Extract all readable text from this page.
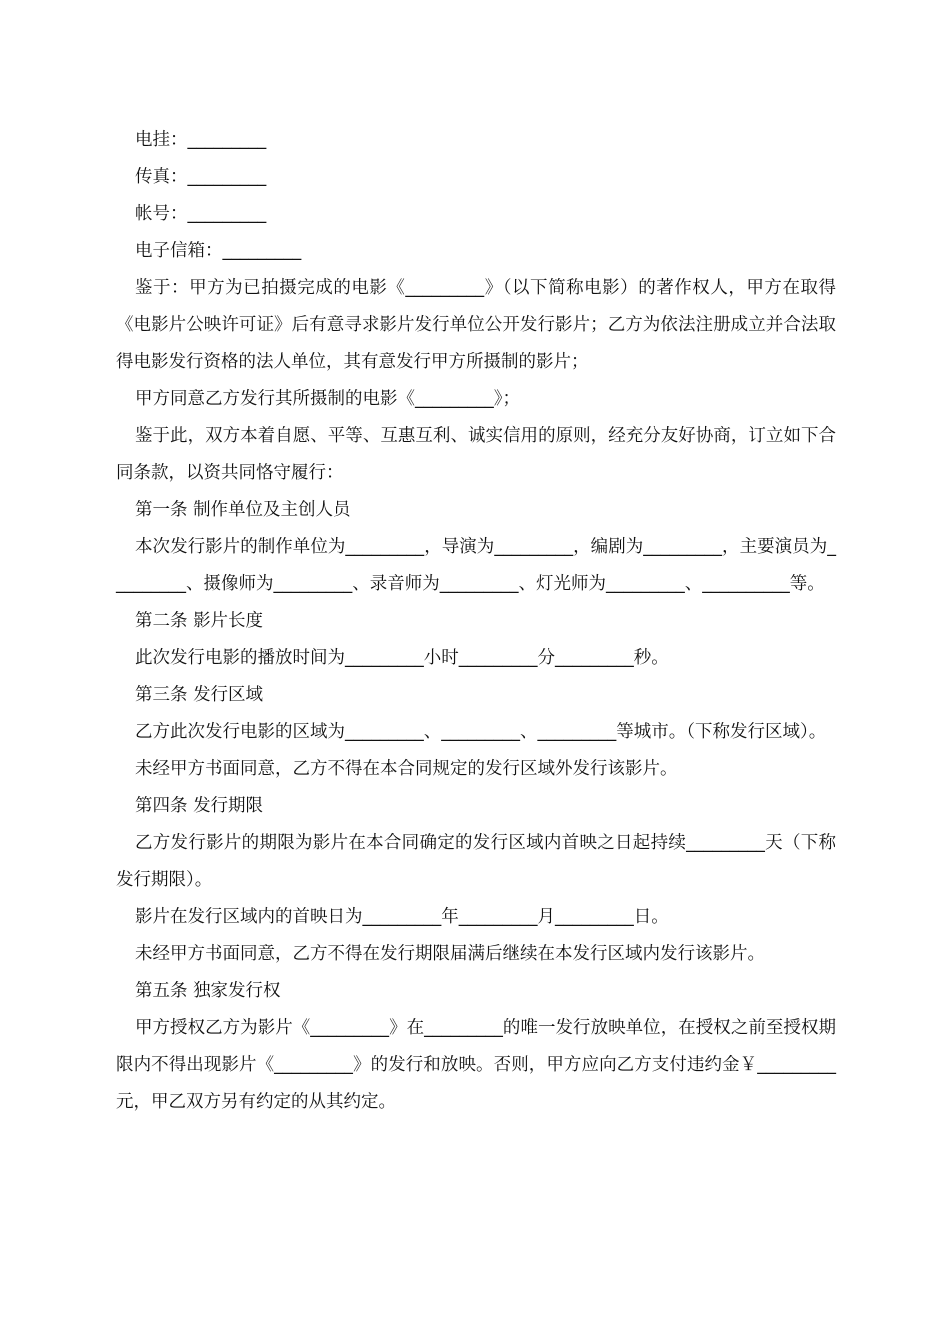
电挂：_________

传真：_________

帐号：_________

电子信箱：_________

鉴于：甲方为已拍摄完成的电影《_________》（以下简称电影）的著作权人，甲方在取得《电影片公映许可证》后有意寻求影片发行单位公开发行影片；乙方为依法注册成立并合法取得电影发行资格的法人单位，其有意发行甲方所摄制的影片；

甲方同意乙方发行其所摄制的电影《_________》；

鉴于此，双方本着自愿、平等、互惠互利、诚实信用的原则，经充分友好协商，订立如下合同条款，以资共同恪守履行：

第一条 制作单位及主创人员

本次发行影片的制作单位为_________，导演为_________，编剧为_________，主要演员为_________、摄像师为_________、录音师为_________、灯光师为_________、__________等。

第二条 影片长度

此次发行电影的播放时间为_________小时_________分_________秒。

第三条 发行区域

乙方此次发行电影的区域为_________、_________、_________等城市。（下称发行区域）。

未经甲方书面同意，乙方不得在本合同规定的发行区域外发行该影片。

第四条 发行期限

乙方发行影片的期限为影片在本合同确定的发行区域内首映之日起持续_________天（下称发行期限）。

影片在发行区域内的首映日为_________年_________月_________日。

未经甲方书面同意，乙方不得在发行期限届满后继续在本发行区域内发行该影片。

第五条 独家发行权

甲方授权乙方为影片《_________》在_________的唯一发行放映单位，在授权之前至授权期限内不得出现影片《_________》的发行和放映。否则，甲方应向乙方支付违约金￥_________元，甲乙双方另有约定的从其约定。
